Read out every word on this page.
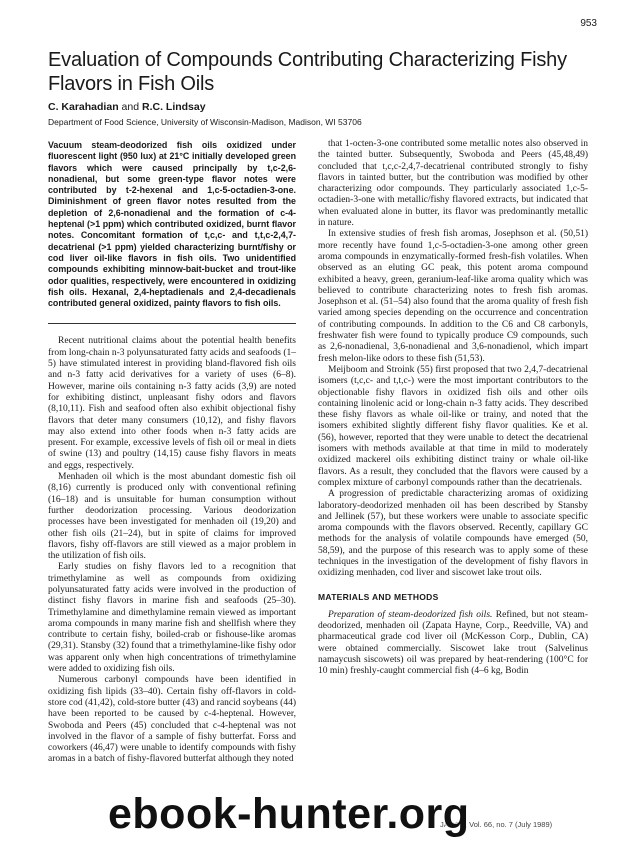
953
Evaluation of Compounds Contributing Characterizing Fishy Flavors in Fish Oils
C. Karahadian and R.C. Lindsay
Department of Food Science, University of Wisconsin-Madison, Madison, WI 53706

Vacuum steam-deodorized fish oils oxidized under fluorescent light (950 lux) at 21°C initially developed green flavors which were caused principally by t,c-2,6-nonadienal, but some green-type flavor notes were contributed by t-2-hexenal and 1,c-5-octadien-3-one. Diminishment of green flavor notes resulted from the depletion of 2,6-nonadienal and the formation of c-4-heptenal (>1 ppm) which contributed oxidized, burnt flavor notes. Concomitant formation of t,c,c- and t,t,c-2,4,7-decatrienal (>1 ppm) yielded characterizing burnt/fishy or cod liver oil-like flavors in fish oils. Two unidentified compounds exhibiting minnow-bait-bucket and trout-like odor qualities, respectively, were encountered in oxidizing fish oils. Hexanal, 2,4-heptadienals and 2,4-decadienals contributed general oxidized, painty flavors to fish oils.

Recent nutritional claims about the potential health benefits from long-chain n-3 polyunsaturated fatty acids and seafoods (1–5) have stimulated interest in providing bland-flavored fish oils and n-3 fatty acid derivatives for a variety of uses (6–8). However, marine oils containing n-3 fatty acids (3,9) are noted for exhibiting distinct, unpleasant fishy odors and flavors (8,10,11). Fish and seafood often also exhibit objectional fishy flavors that deter many consumers (10,12), and fishy flavors may also extend into other foods when n-3 fatty acids are present. For example, excessive levels of fish oil or meal in diets of swine (13) and poultry (14,15) cause fishy flavors in meats and eggs, respectively.

Menhaden oil which is the most abundant domestic fish oil (8,16) currently is produced only with conventional refining (16–18) and is unsuitable for human consumption without further deodorization processing. Various deodorization processes have been investigated for menhaden oil (19,20) and other fish oils (21–24), but in spite of claims for improved flavors, fishy off-flavors are still viewed as a major problem in the utilization of fish oils.

Early studies on fishy flavors led to a recognition that trimethylamine as well as compounds from oxidizing polyunsaturated fatty acids were involved in the production of distinct fishy flavors in marine fish and seafoods (25–30). Trimethylamine and dimethylamine remain viewed as important aroma compounds in many marine fish and shellfish where they contribute to certain fishy, boiled-crab or fishouse-like aromas (29,31). Stansby (32) found that a trimethylamine-like fishy odor was apparent only when high concentrations of trimethylamine were added to oxidizing fish oils.

Numerous carbonyl compounds have been identified in oxidizing fish lipids (33–40). Certain fishy off-flavors in cold-store cod (41,42), cold-store butter (43) and rancid soybeans (44) have been reported to be caused by c-4-heptenal. However, Swoboda and Peers (45) concluded that c-4-heptenal was not involved in the flavor of a sample of fishy butterfat. Forss and coworkers (46,47) were unable to identify compounds with fishy aromas in a batch of fishy-flavored butterfat although they noted

that 1-octen-3-one contributed some metallic notes also observed in the tainted butter. Subsequently, Swoboda and Peers (45,48,49) concluded that t,c,c-2,4,7-decatrienal contributed strongly to fishy flavors in tainted butter, but the contribution was modified by other characterizing odor compounds. They particularly associated 1,c-5-octadien-3-one with metallic/fishy flavored extracts, but indicated that when evaluated alone in butter, its flavor was predominantly metallic in nature.

In extensive studies of fresh fish aromas, Josephson et al. (50,51) more recently have found 1,c-5-octadien-3-one among other green aroma compounds in enzymatically-formed fresh-fish volatiles. When observed as an eluting GC peak, this potent aroma compound exhibited a heavy, green, geranium-leaf-like aroma quality which was believed to contribute characterizing notes to fresh fish aromas. Josephson et al. (51–54) also found that the aroma quality of fresh fish varied among species depending on the occurrence and concentration of contributing compounds. In addition to the C6 and C8 carbonyls, freshwater fish were found to typically produce C9 compounds, such as 2,6-nonadienal, 3,6-nonadienal and 3,6-nonadienol, which impart fresh melon-like odors to these fish (51,53).

Meijboom and Stroink (55) first proposed that two 2,4,7-decatrienal isomers (t,c,c- and t,t,c-) were the most important contributors to the objectionable fishy flavors in oxidized fish oils and other oils containing linolenic acid or long-chain n-3 fatty acids. They described these fishy flavors as whale oil-like or trainy, and noted that the isomers exhibited slightly different fishy flavor qualities. Ke et al. (56), however, reported that they were unable to detect the decatrienal isomers with methods available at that time in mild to moderately oxidized mackerel oils exhibiting distinct trainy or whale oil-like flavors. As a result, they concluded that the flavors were caused by a complex mixture of carbonyl compounds rather than the decatrienals.

A progression of predictable characterizing aromas of oxidizing laboratory-deodorized menhaden oil has been described by Stansby and Jellinek (57), but these workers were unable to associate specific aroma compounds with the flavors observed. Recently, capillary GC methods for the analysis of volatile compounds have emerged (50, 58,59), and the purpose of this research was to apply some of these techniques in the investigation of the development of fishy flavors in oxidizing menhaden, cod liver and siscowet lake trout oils.

MATERIALS AND METHODS

Preparation of steam-deodorized fish oils. Refined, but not steam-deodorized, menhaden oil (Zapata Hayne, Corp., Reedville, VA) and pharmaceutical grade cod liver oil (McKesson Corp., Dublin, CA) were obtained commercially. Siscowet lake trout (Salvelinus namaycush siscowets) oil was prepared by heat-rendering (100°C for 10 min) freshly-caught commercial fish (4–6 kg, Bodin

JAOCS, Vol. 66, no. 7 (July 1989)
ebook-hunter.org
